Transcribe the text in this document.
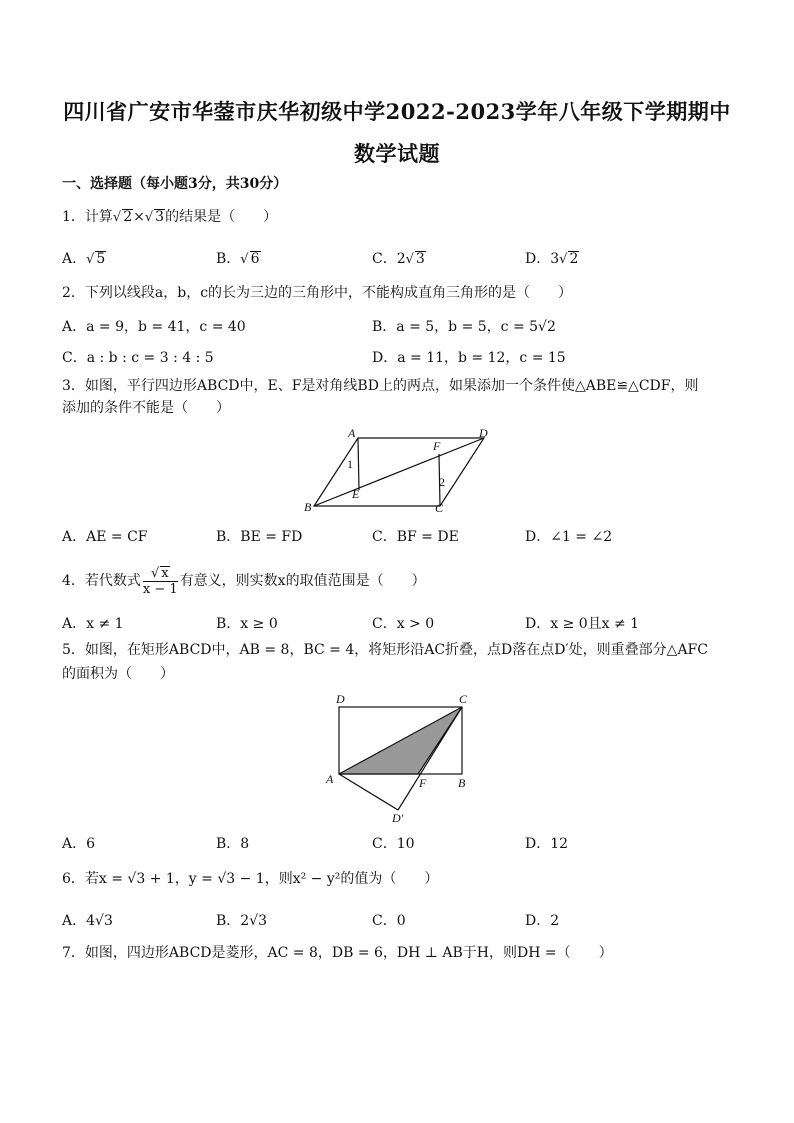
四川省广安市华蓥市庆华初级中学2022-2023学年八年级下学期期中
数学试题
一、选择题（每小题3分，共30分）
1．计算√ 2×√ 3的结果是（　　）
A．√ 5	B．√ 6	C．2√ 3	D．3√ 2
2．下列以线段a，b，c的长为三边的三角形中，不能构成直角三角形的是（　　）
A．a = 9，b = 41，c = 40	B．a = 5，b = 5，c = 5√2
C．a : b : c = 3 : 4 : 5	D．a = 11，b = 12，c = 15
3．如图，平行四边形ABCD中，E、F是对角线BD上的两点，如果添加一个条件使△ABE≌△CDF，则
添加的条件不能是（　　）
A	D
B	C
E
F
1
2
A．AE = CF	B．BE = FD	C．BF = DE	D．∠1 = ∠2
4．若代数式 $\frac{√ x}{x - 1}$ 有意义，则实数x的取值范围是（　　）
A．x ≠ 1	B．x ≥ 0	C．x > 0	D．x ≥ 0且x ≠ 1
5．如图，在矩形ABCD中，AB = 8，BC = 4，将矩形沿AC折叠，点D落在点D′处，则重叠部分△AFC
的面积为（　　）
D	C
A	B
F
D′
A．6	B．8	C．10	D．12
6．若x = √3 + 1，y = √3 − 1，则x² − y²的值为（　　）
A．4√3	B．2√3	C．0	D．2
7．如图，四边形ABCD是菱形，AC = 8，DB = 6，DH ⊥ AB于H，则DH =（　　）
